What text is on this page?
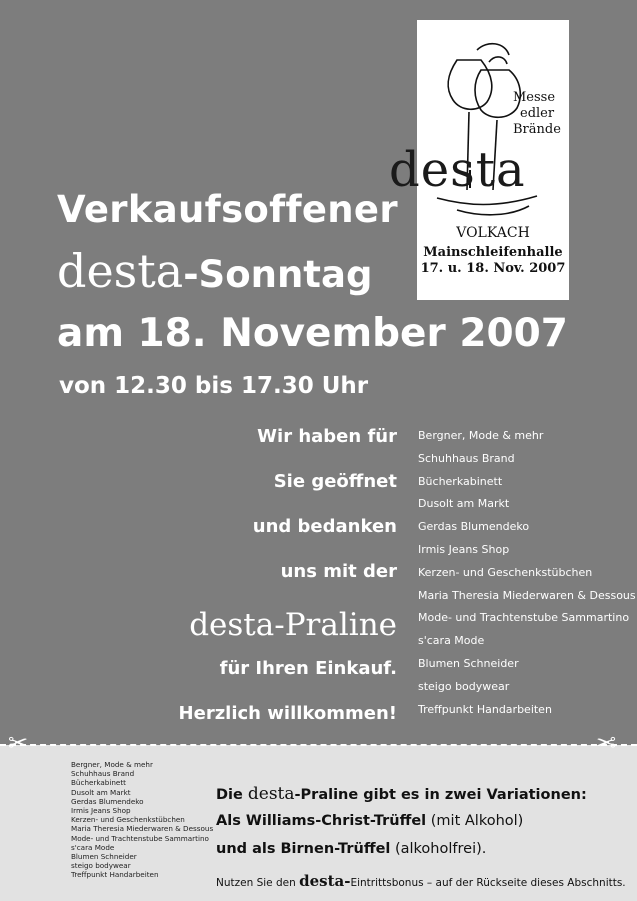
✂	✂
Messe
edler
Brände
desta
VOLKACH
Mainschleifenhalle
17. u. 18. Nov. 2007
Verkaufsoffener
desta-Sonntag
am 18. November 2007
von 12.30 bis 17.30 Uhr
Wir haben für
Sie geöffnet
und bedanken
uns mit der
desta-Praline
für Ihren Einkauf.
Herzlich willkommen!
Bergner, Mode & mehr
Schuhhaus Brand
Bücherkabinett
Dusolt am Markt
Gerdas Blumendeko
Irmis Jeans Shop
Kerzen- und Geschenkstübchen
Maria Theresia Miederwaren & Dessous
Mode- und Trachtenstube Sammartino
s'cara Mode
Blumen Schneider
steigo bodywear
Treffpunkt Handarbeiten
Bergner, Mode & mehr
Schuhhaus Brand
Bücherkabinett
Dusolt am Markt
Gerdas Blumendeko
Irmis Jeans Shop
Kerzen- und Geschenkstübchen
Maria Theresia Miederwaren & Dessous
Mode- und Trachtenstube Sammartino
s'cara Mode
Blumen Schneider
steigo bodywear
Treffpunkt Handarbeiten
Die desta-Praline gibt es in zwei Variationen:
Als Williams-Christ-Trüffel (mit Alkohol)
und als Birnen-Trüffel (alkoholfrei).
Nutzen Sie den desta-Eintrittsbonus – auf der Rückseite dieses Abschnitts.
